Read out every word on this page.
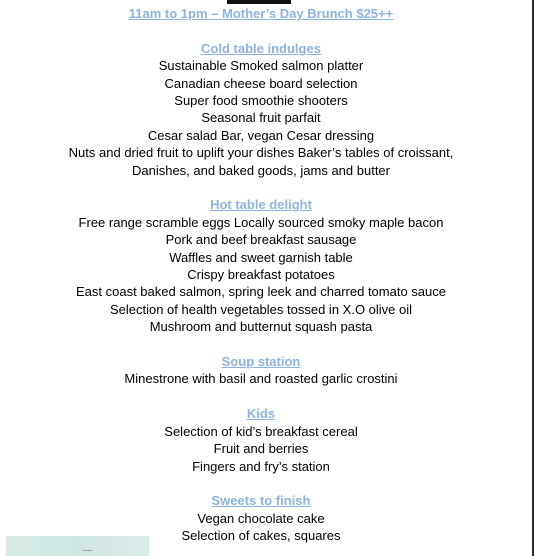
11am to 1pm – Mother’s Day Brunch $25++
Cold table indulges
Sustainable Smoked salmon platter
Canadian cheese board selection
Super food smoothie shooters
Seasonal fruit parfait
Cesar salad Bar, vegan Cesar dressing
Nuts and dried fruit to uplift your dishes Baker’s tables of croissant,
Danishes, and baked goods, jams and butter
Hot table delight
Free range scramble eggs Locally sourced smoky maple bacon
Pork and beef breakfast sausage
Waffles and sweet garnish table
Crispy breakfast potatoes
East coast baked salmon, spring leek and charred tomato sauce
Selection of health vegetables tossed in X.O olive oil
Mushroom and butternut squash pasta
Soup station
Minestrone with basil and roasted garlic crostini
Kids
Selection of kid’s breakfast cereal
Fruit and berries
Fingers and fry’s station
Sweets to finish
Vegan chocolate cake
Selection of cakes, squares
